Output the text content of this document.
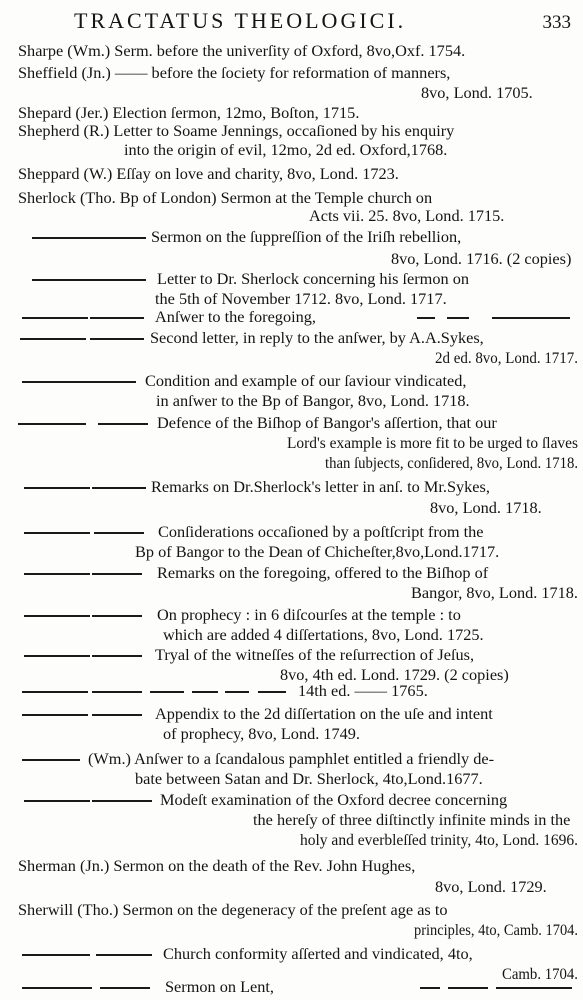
TRACTATUS THEOLOGICI.	333
Sharpe (Wm.) Serm. before the univerſity of Oxford, 8vo,Oxf. 1754.
Sheffield (Jn.) —— before the ſociety for reformation of manners,
8vo, Lond. 1705.
Shepard (Jer.) Election ſermon, 12mo, Boſton, 1715.
Shepherd (R.) Letter to Soame Jennings, occaſioned by his enquiry
into the origin of evil, 12mo, 2d ed. Oxford,1768.
Sheppard (W.) Eſſay on love and charity, 8vo, Lond. 1723.
Sherlock (Tho. Bp of London) Sermon at the Temple church on
Acts vii. 25. 8vo, Lond. 1715.
Sermon on the ſuppreſſion of the Iriſh rebellion,
8vo, Lond. 1716. (2 copies)
Letter to Dr. Sherlock concerning his ſermon on
the 5th of November 1712. 8vo, Lond. 1717.
Anſwer to the foregoing,
Second letter, in reply to the anſwer, by A.A.Sykes,
2d ed. 8vo, Lond. 1717.
Condition and example of our ſaviour vindicated,
in anſwer to the Bp of Bangor, 8vo, Lond. 1718.
Defence of the Biſhop of Bangor's aſſertion, that our
Lord's example is more fit to be urged to ſlaves
than ſubjects, conſidered, 8vo, Lond. 1718.
Remarks on Dr.Sherlock's letter in anſ. to Mr.Sykes,
8vo, Lond. 1718.
Conſiderations occaſioned by a poſtſcript from the
Bp of Bangor to the Dean of Chicheſter,8vo,Lond.1717.
Remarks on the foregoing, offered to the Biſhop of
Bangor, 8vo, Lond. 1718.
On prophecy : in 6 diſcourſes at the temple : to
which are added 4 diſſertations, 8vo, Lond. 1725.
Tryal of the witneſſes of the reſurrection of Jeſus,
8vo, 4th ed. Lond. 1729. (2 copies)
14th ed. —— 1765.
Appendix to the 2d diſſertation on the uſe and intent
of prophecy, 8vo, Lond. 1749.
(Wm.) Anſwer to a ſcandalous pamphlet entitled a friendly de-
bate between Satan and Dr. Sherlock, 4to,Lond.1677.
Modeſt examination of the Oxford decree concerning
the hereſy of three diſtinctly infinite minds in the
holy and everbleſſed trinity, 4to, Lond. 1696.
Sherman (Jn.) Sermon on the death of the Rev. John Hughes,
8vo, Lond. 1729.
Sherwill (Tho.) Sermon on the degeneracy of the preſent age as to
principles, 4to, Camb. 1704.
Church conformity aſſerted and vindicated, 4to,
Camb. 1704.
Sermon on Lent,
